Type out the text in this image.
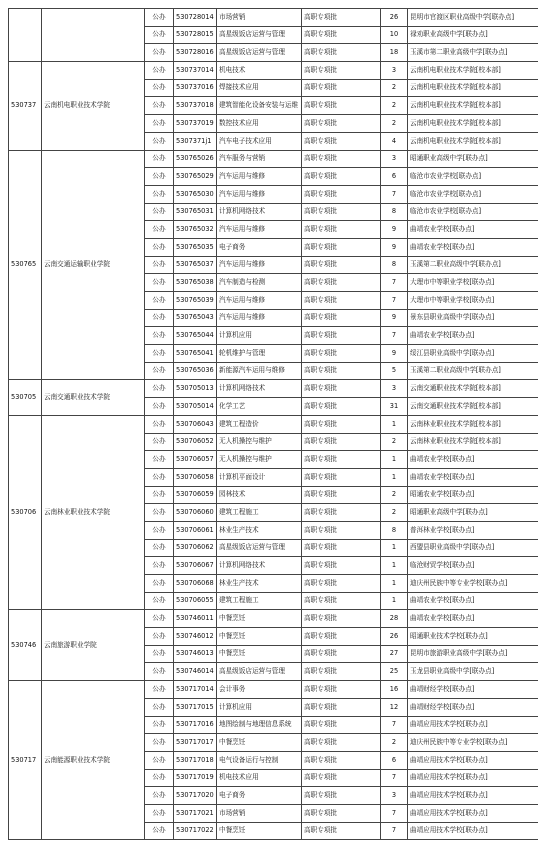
		公办	530728014	市场营销	高职专项批	26	昆明市官渡区职业高级中学[联办点]
		公办	530728015	高星级饭店运营与管理	高职专项批	10	禄劝职业高级中学[联办点]
		公办	530728016	高星级饭店运营与管理	高职专项批	18	玉溪市第二职业高级中学[联办点]
530737	云南机电职业技术学院	公办	530737014	机电技术	高职专项批	3	云南机电职业技术学院[校本部]
		公办	530737016	焊接技术应用	高职专项批	2	云南机电职业技术学院[校本部]
		公办	530737018	建筑智能化设备安装与运维	高职专项批	2	云南机电职业技术学院[校本部]
		公办	530737019	数控技术应用	高职专项批	2	云南机电职业技术学院[校本部]
		公办	5307371j1	汽车电子技术应用	高职专项批	4	云南机电职业技术学院[校本部]
530765	云南交通运输职业学院	公办	530765026	汽车服务与营销	高职专项批	3	昭通职业高级中学[联办点]
		公办	530765029	汽车运用与维修	高职专项批	6	临沧市农业学校[联办点]
		公办	530765030	汽车运用与维修	高职专项批	7	临沧市农业学校[联办点]
		公办	530765031	计算机网络技术	高职专项批	8	临沧市农业学校[联办点]
		公办	530765032	汽车运用与维修	高职专项批	9	曲靖农业学校[联办点]
		公办	530765035	电子商务	高职专项批	9	曲靖农业学校[联办点]
		公办	530765037	汽车运用与维修	高职专项批	8	玉溪第二职业高级中学[联办点]
		公办	530765038	汽车制造与检测	高职专项批	7	大理市中等职业学校[联办点]
		公办	530765039	汽车运用与维修	高职专项批	7	大理市中等职业学校[联办点]
		公办	530765043	汽车运用与维修	高职专项批	9	景东县职业高级中学[联办点]
		公办	530765044	计算机应用	高职专项批	7	曲靖农业学校[联办点]
		公办	530765041	轮机维护与管理	高职专项批	9	绥江县职业高级中学[联办点]
		公办	530765036	新能源汽车运用与维修	高职专项批	5	玉溪第二职业高级中学[联办点]
530705	云南交通职业技术学院	公办	530705013	计算机网络技术	高职专项批	3	云南交通职业技术学院[校本部]
		公办	530705014	化学工艺	高职专项批	31	云南交通职业技术学院[校本部]
530706	云南林业职业技术学院	公办	530706043	建筑工程造价	高职专项批	1	云南林业职业技术学院[校本部]
		公办	530706052	无人机操控与维护	高职专项批	2	云南林业职业技术学院[校本部]
		公办	530706057	无人机操控与维护	高职专项批	1	曲靖农业学校[联办点]
		公办	530706058	计算机平面设计	高职专项批	1	曲靖农业学校[联办点]
		公办	530706059	园林技术	高职专项批	2	昭通农业学校[联办点]
		公办	530706060	建筑工程施工	高职专项批	2	昭通职业高级中学[联办点]
		公办	530706061	林业生产技术	高职专项批	8	普洱林业学校[联办点]
		公办	530706062	高星级饭店运营与管理	高职专项批	1	西盟县职业高级中学[联办点]
		公办	530706067	计算机网络技术	高职专项批	1	临沧财贸学校[联办点]
		公办	530706068	林业生产技术	高职专项批	1	迪庆州民族中等专业学校[联办点]
		公办	530706055	建筑工程施工	高职专项批	1	曲靖农业学校[联办点]
530746	云南旅游职业学院	公办	530746011	中餐烹饪	高职专项批	28	曲靖农业学校[联办点]
		公办	530746012	中餐烹饪	高职专项批	26	昭通职业技术学校[联办点]
		公办	530746013	中餐烹饪	高职专项批	27	昆明市旅游职业高级中学[联办点]
		公办	530746014	高星级饭店运营与管理	高职专项批	25	玉龙县职业高级中学[联办点]
530717	云南能源职业技术学院	公办	530717014	会计事务	高职专项批	16	曲靖财经学校[联办点]
		公办	530717015	计算机应用	高职专项批	12	曲靖财经学校[联办点]
		公办	530717016	地图绘制与地理信息系统	高职专项批	7	曲靖应用技术学校[联办点]
		公办	530717017	中餐烹饪	高职专项批	2	迪庆州民族中等专业学校[联办点]
		公办	530717018	电气设备运行与控制	高职专项批	6	曲靖应用技术学校[联办点]
		公办	530717019	机电技术应用	高职专项批	7	曲靖应用技术学校[联办点]
		公办	530717020	电子商务	高职专项批	3	曲靖应用技术学校[联办点]
		公办	530717021	市场营销	高职专项批	7	曲靖应用技术学校[联办点]
		公办	530717022	中餐烹饪	高职专项批	7	曲靖应用技术学校[联办点]
